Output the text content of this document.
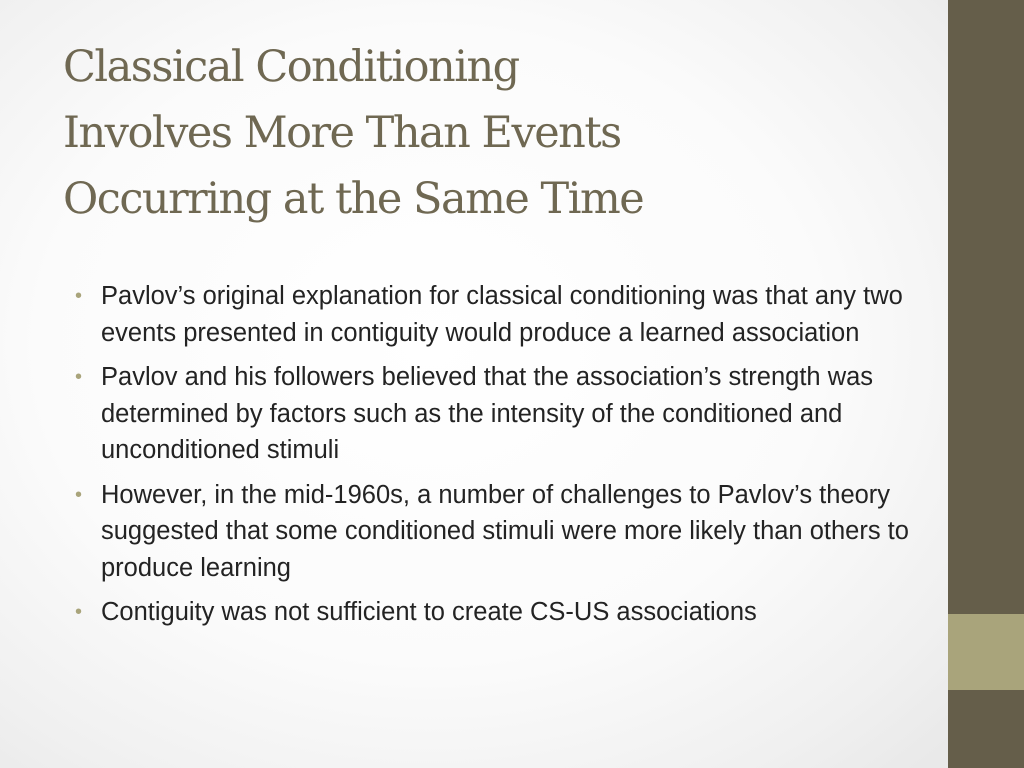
Classical Conditioning
Involves More Than Events
Occurring at the Same Time
• Pavlov’s original explanation for classical conditioning was that any two events presented in contiguity would produce a learned association
• Pavlov and his followers believed that the association’s strength was determined by factors such as the intensity of the conditioned and unconditioned stimuli
• However, in the mid-1960s, a number of challenges to Pavlov’s theory suggested that some conditioned stimuli were more likely than others to produce learning
• Contiguity was not sufficient to create CS-US associations
